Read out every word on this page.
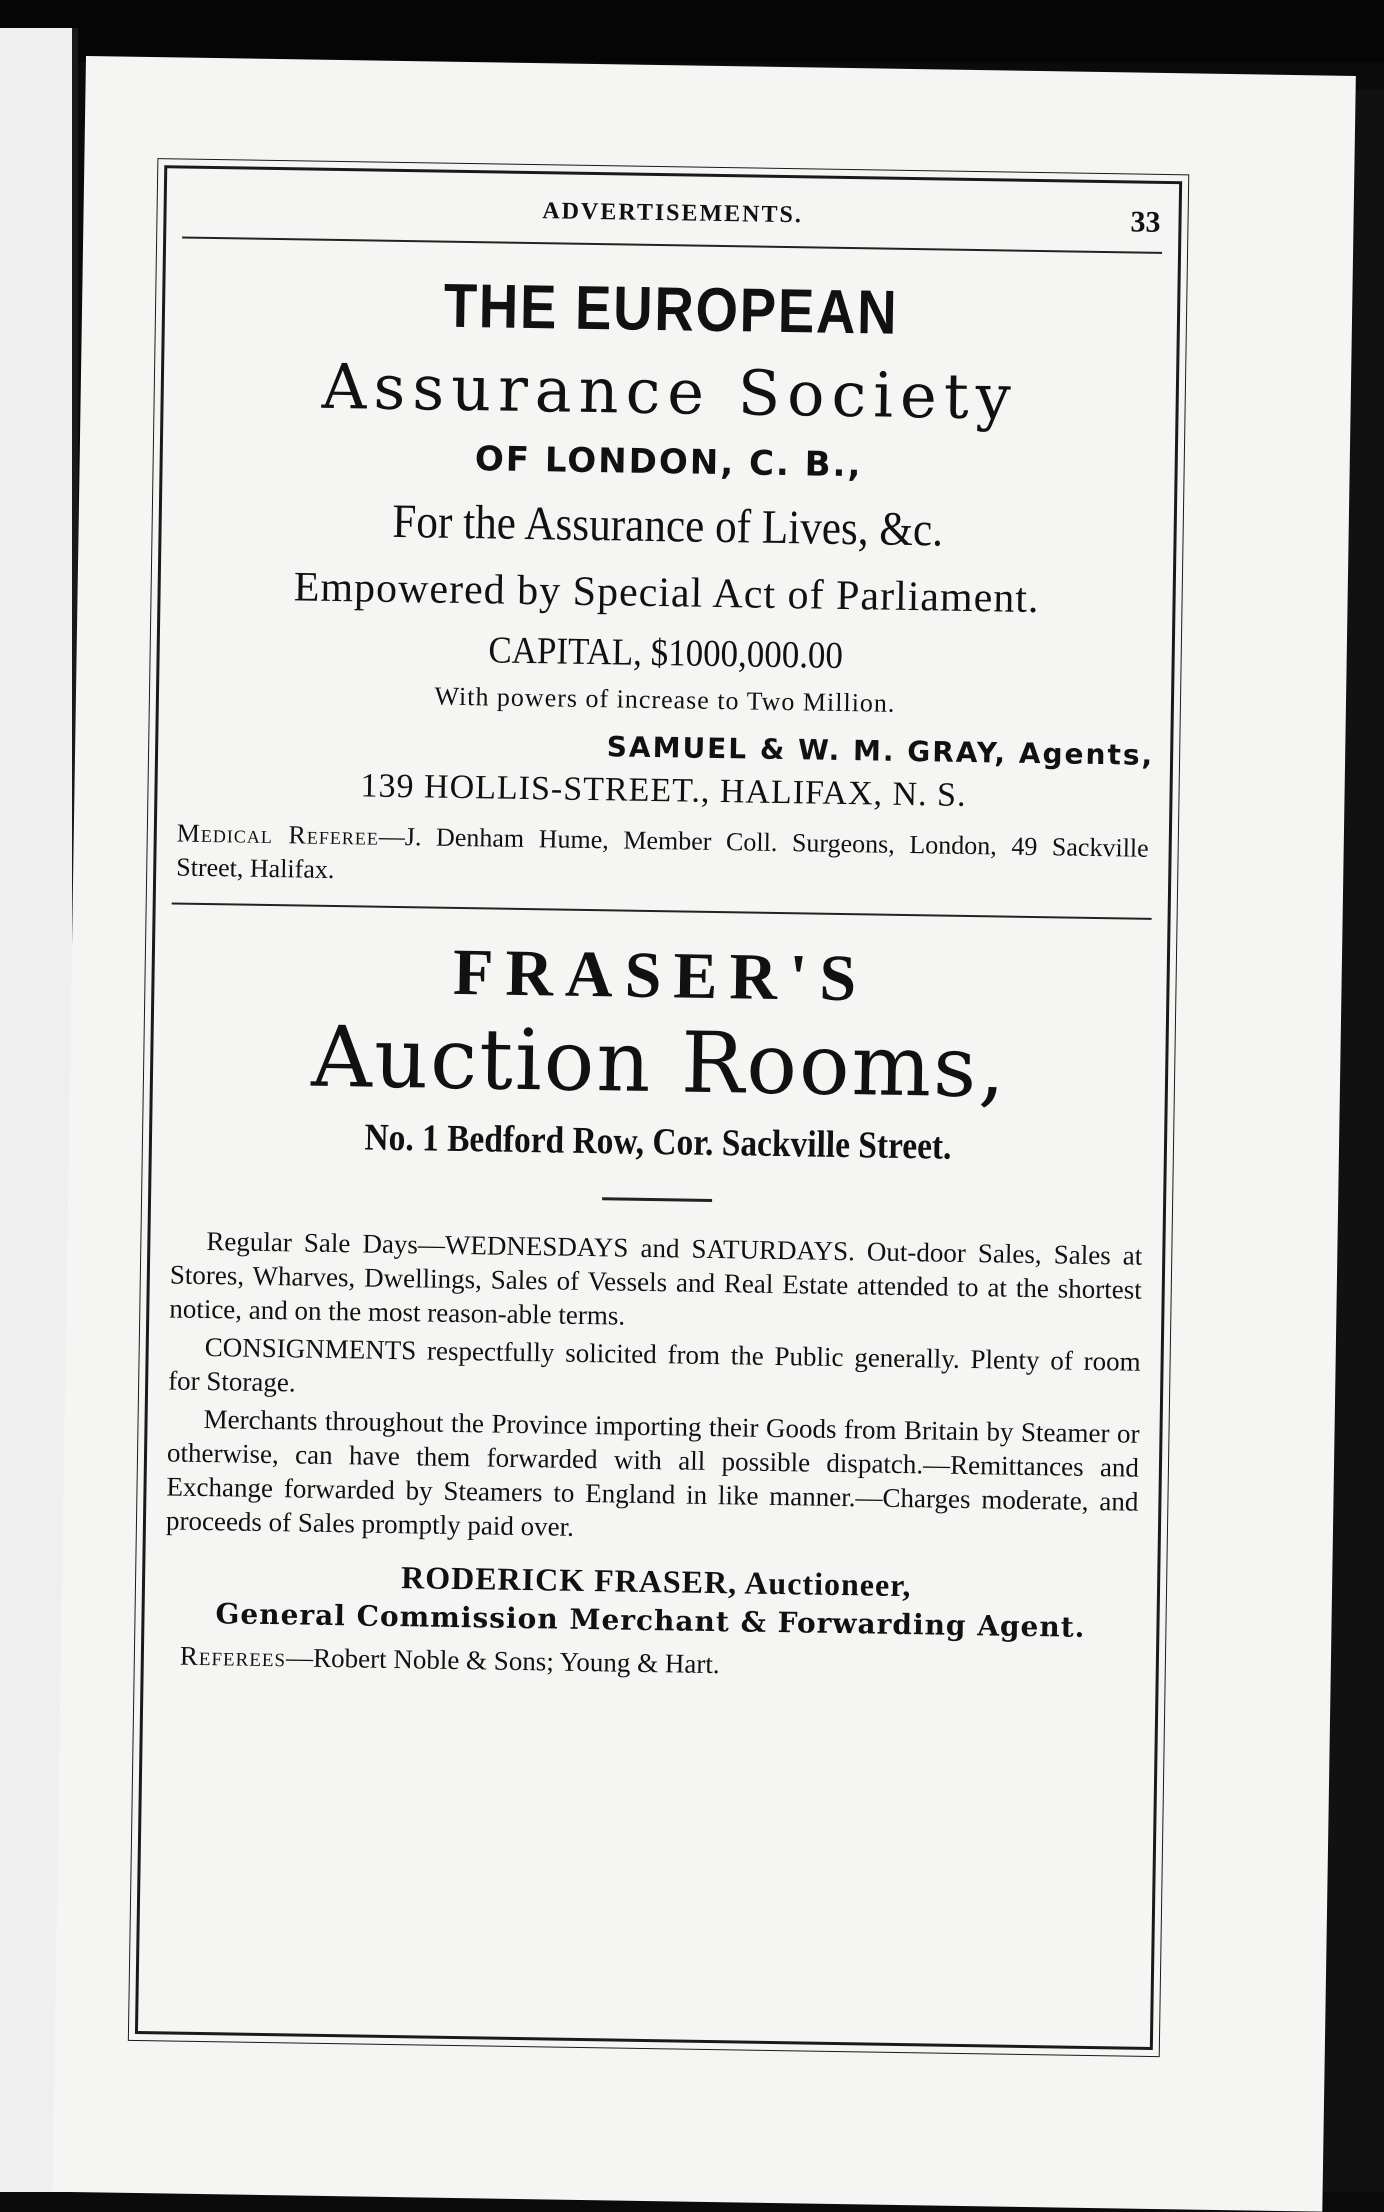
ADVERTISEMENTS.	33
THE EUROPEAN
Assurance Society
OF LONDON, C. B.,
For the Assurance of Lives, &c.
Empowered by Special Act of Parliament.
CAPITAL, $1000,000.00
With powers of increase to Two Million.
SAMUEL & W. M. GRAY, Agents,
139 HOLLIS-STREET., HALIFAX, N. S.
Medical Referee—J. Denham Hume, Member Coll. Surgeons, London, 49 Sackville Street, Halifax.
FRASER'S
Auction Rooms,
No. 1 Bedford Row, Cor. Sackville Street.

Regular Sale Days—WEDNESDAYS and SATURDAYS. Out-door Sales, Sales at Stores, Wharves, Dwellings, Sales of Vessels and Real Estate attended to at the shortest notice, and on the most reason-able terms.

CONSIGNMENTS respectfully solicited from the Public generally. Plenty of room for Storage.

Merchants throughout the Province importing their Goods from Britain by Steamer or otherwise, can have them forwarded with all possible dispatch.—Remittances and Exchange forwarded by Steamers to England in like manner.—Charges moderate, and proceeds of Sales promptly paid over.

RODERICK FRASER, Auctioneer,
General Commission Merchant & Forwarding Agent.
Referees—Robert Noble & Sons; Young & Hart.
